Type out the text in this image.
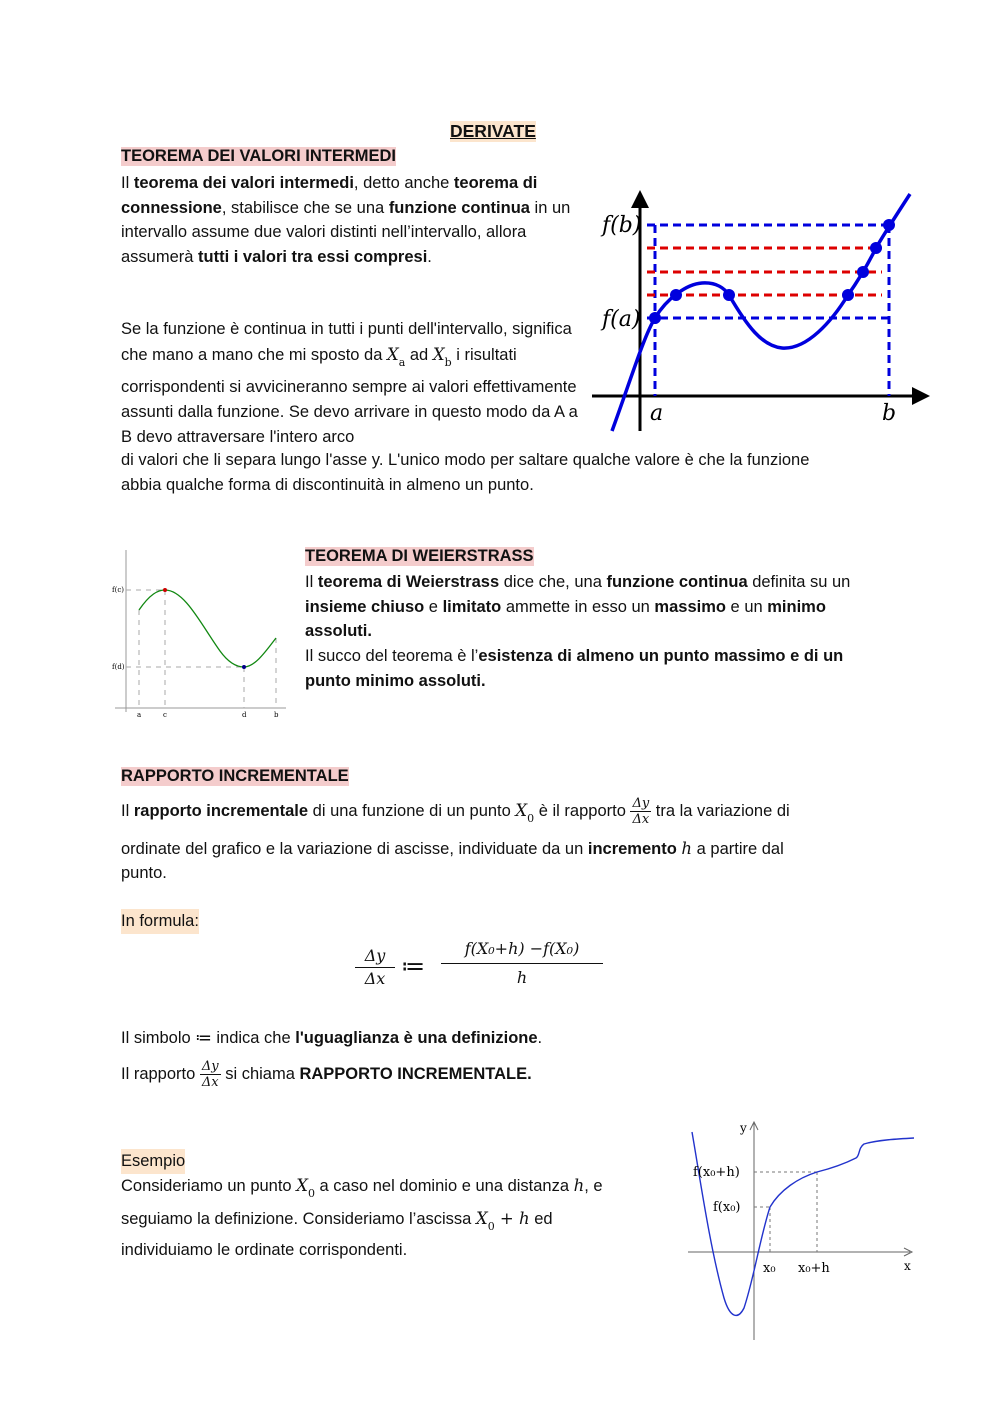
DERIVATE
TEOREMA DEI VALORI INTERMEDI
Il teorema dei valori intermedi, detto anche teorema di connessione, stabilisce che se una funzione continua in un intervallo assume due valori distinti nell’intervallo, allora assumerà tutti i valori tra essi compresi.
Se la funzione è continua in tutti i punti dell'intervallo, significa che mano a mano che mi sposto da $X_a$ ad $X_b$ i risultati corrispondenti si avvicineranno sempre ai valori effettivamente assunti dalla funzione. Se devo arrivare in questo modo da A a B devo attraversare l'intero arco
di valori che li separa lungo l'asse y. L'unico modo per saltare qualche valore è che la funzione abbia qualche forma di discontinuità in almeno un punto.
f(b)
f(a)
a	b
f(c)
f(d)
a	c	d	b
TEOREMA DI WEIERSTRASS
Il teorema di Weierstrass dice che, una funzione continua definita su un insieme chiuso e limitato ammette in esso un massimo e un minimo assoluti.
Il succo del teorema è l’esistenza di almeno un punto massimo e di un punto minimo assoluti.
RAPPORTO INCREMENTALE
Il rapporto incrementale di una funzione di un punto $X_0$ è il rapporto $\frac{\Delta y}{\Delta x}$ tra la variazione di
ordinate del grafico e la variazione di ascisse, individuate da un incremento h a partire dal
punto.
In formula:
Δy
Δx ≔
f(X₀+h) −f(X₀)
h
Il simbolo ≔ indica che l'uguaglianza è una definizione.
Il rapporto $\frac{\Delta y}{\Delta x}$ si chiama RAPPORTO INCREMENTALE.
Esempio
Consideriamo un punto $X_0$ a caso nel dominio e una distanza h, e
seguiamo la definizione. Consideriamo l’ascissa $X_0 + h$ ed
individuiamo le ordinate corrispondenti.
y
x
f(x₀+h)
f(x₀)
x₀ x₀+h
